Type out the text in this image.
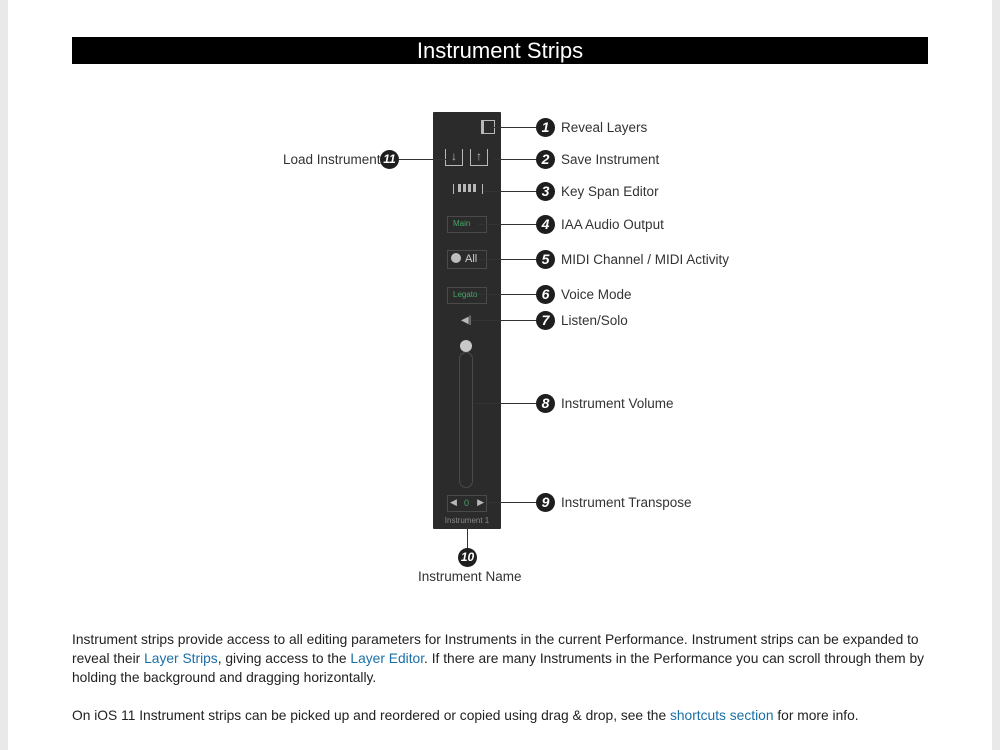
Instrument Strips
↓	↑
Main
All
Legato
◀|
◀ 0 ▶
Instrument 1
1 Reveal Layers
2 Save Instrument
3 Key Span Editor
4 IAA Audio Output
5 MIDI Channel / MIDI Activity
6 Voice Mode
7 Listen/Solo
8 Instrument Volume
9 Instrument Transpose
10
Instrument Name
11
Load Instrument
Instrument strips provide access to all editing parameters for Instruments in the current Performance. Instrument strips can be expanded to reveal their Layer Strips, giving access to the Layer Editor. If there are many Instruments in the Performance you can scroll through them by holding the background and dragging horizontally.
On iOS 11 Instrument strips can be picked up and reordered or copied using drag & drop, see the shortcuts section for more info.
